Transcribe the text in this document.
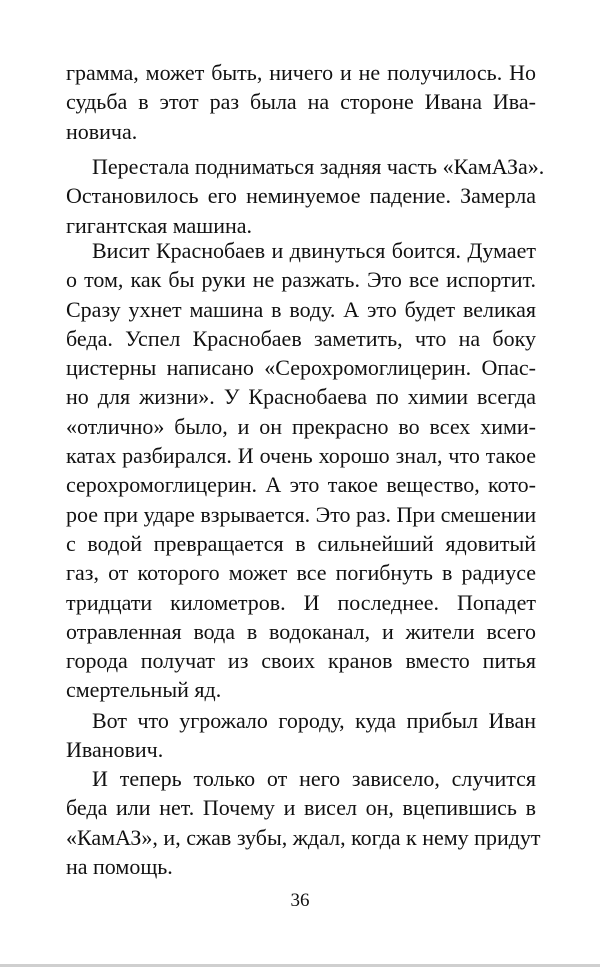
грамма, может быть, ничего и не получилось. Но
судьба в этот раз была на стороне Ивана Ива-
новича.
Перестала подниматься задняя часть «КамАЗа».
Остановилось его неминуемое падение. Замерла
гигантская машина.
Висит Краснобаев и двинуться боится. Думает
о том, как бы руки не разжать. Это все испортит.
Сразу ухнет машина в воду. А это будет великая
беда. Успел Краснобаев заметить, что на боку
цистерны написано «Серохромоглицерин. Опас-
но для жизни». У Краснобаева по химии всегда
«отлично» было, и он прекрасно во всех хими-
катах разбирался. И очень хорошо знал, что такое
серохромоглицерин. А это такое вещество, кото-
рое при ударе взрывается. Это раз. При смешении
с водой превращается в сильнейший ядовитый
газ, от которого может все погибнуть в радиусе
тридцати километров. И последнее. Попадет
отравленная вода в водоканал, и жители всего
города получат из своих кранов вместо питья
смертельный яд.
Вот что угрожало городу, куда прибыл Иван
Иванович.
И теперь только от него зависело, случится
беда или нет. Почему и висел он, вцепившись в
«КамАЗ», и, сжав зубы, ждал, когда к нему придут
на помощь.
36
